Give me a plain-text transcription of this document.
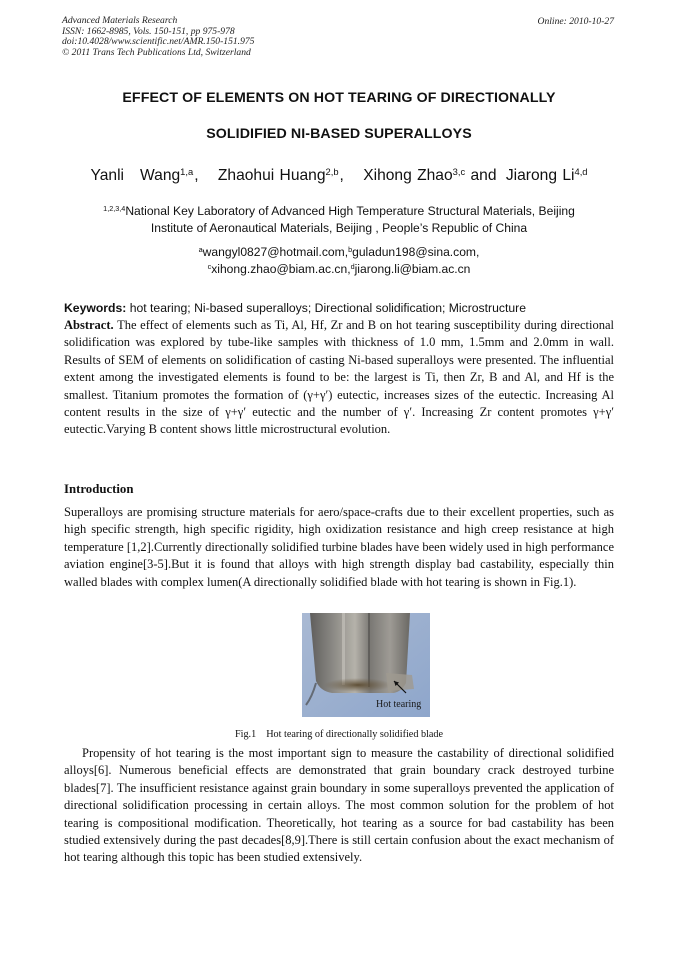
Advanced Materials Research
ISSN: 1662-8985, Vols. 150-151, pp 975-978
doi:10.4028/www.scientific.net/AMR.150-151.975
© 2011 Trans Tech Publications Ltd, Switzerland
Online: 2010-10-27
EFFECT OF ELEMENTS ON HOT TEARING OF DIRECTIONALLY
SOLIDIFIED NI-BASED SUPERALLOYS
Yanli   Wang$^{1,a}$, Zhaohui Huang$^{2,b}$, Xihong Zhao$^{3,c}$ and Jiarong Li$^{4,d}$
$^{1,2,3,4}$National Key Laboratory of Advanced High Temperature Structural Materials, Beijing
Institute of Aeronautical Materials, Beijing , People’s Republic of China
$^a$wangyl0827@hotmail.com,$^b$guladun198@sina.com,
$^c$xihong.zhao@biam.ac.cn,$^d$jiarong.li@biam.ac.cn
Keywords: hot tearing; Ni-based superalloys; Directional solidification; Microstructure
Abstract. The effect of elements such as Ti, Al, Hf, Zr and B on hot tearing susceptibility during directional solidification was explored by tube-like samples with thickness of 1.0 mm, 1.5mm and 2.0mm in wall. Results of SEM of elements on solidification of casting Ni-based superalloys were presented. The influential extent among the investigated elements is found to be: the largest is Ti, then Zr, B and Al, and Hf is the smallest. Titanium promotes the formation of (γ+γ′) eutectic, increases sizes of the eutectic. Increasing Al content results in the size of γ+γ′ eutectic and the number of γ′. Increasing Zr content promotes γ+γ′ eutectic.Varying B content shows little microstructural evolution.
Introduction
Superalloys are promising structure materials for aero/space-crafts due to their excellent properties, such as high specific strength, high specific rigidity, high oxidization resistance and high creep resistance at high temperature [1,2].Currently directionally solidified turbine blades have been widely used in high performance aviation engine[3-5].But it is found that alloys with high strength display bad castability, especially thin walled blades with complex lumen(A directionally solidified blade with hot tearing is shown in Fig.1).
Hot tearing
Fig.1 Hot tearing of directionally solidified blade
Propensity of hot tearing is the most important sign to measure the castability of directional solidified alloys[6]. Numerous beneficial effects are demonstrated that grain boundary crack destroyed turbine blades[7]. The insufficient resistance against grain boundary in some superalloys prevented the application of directional solidification processing in certain alloys. The most common solution for the problem of hot tearing is compositional modification. Theoretically, hot tearing as a source for bad castability has been studied extensively during the past decades[8,9].There is still certain confusion about the exact mechanism of hot tearing although this topic has been studied extensively.
